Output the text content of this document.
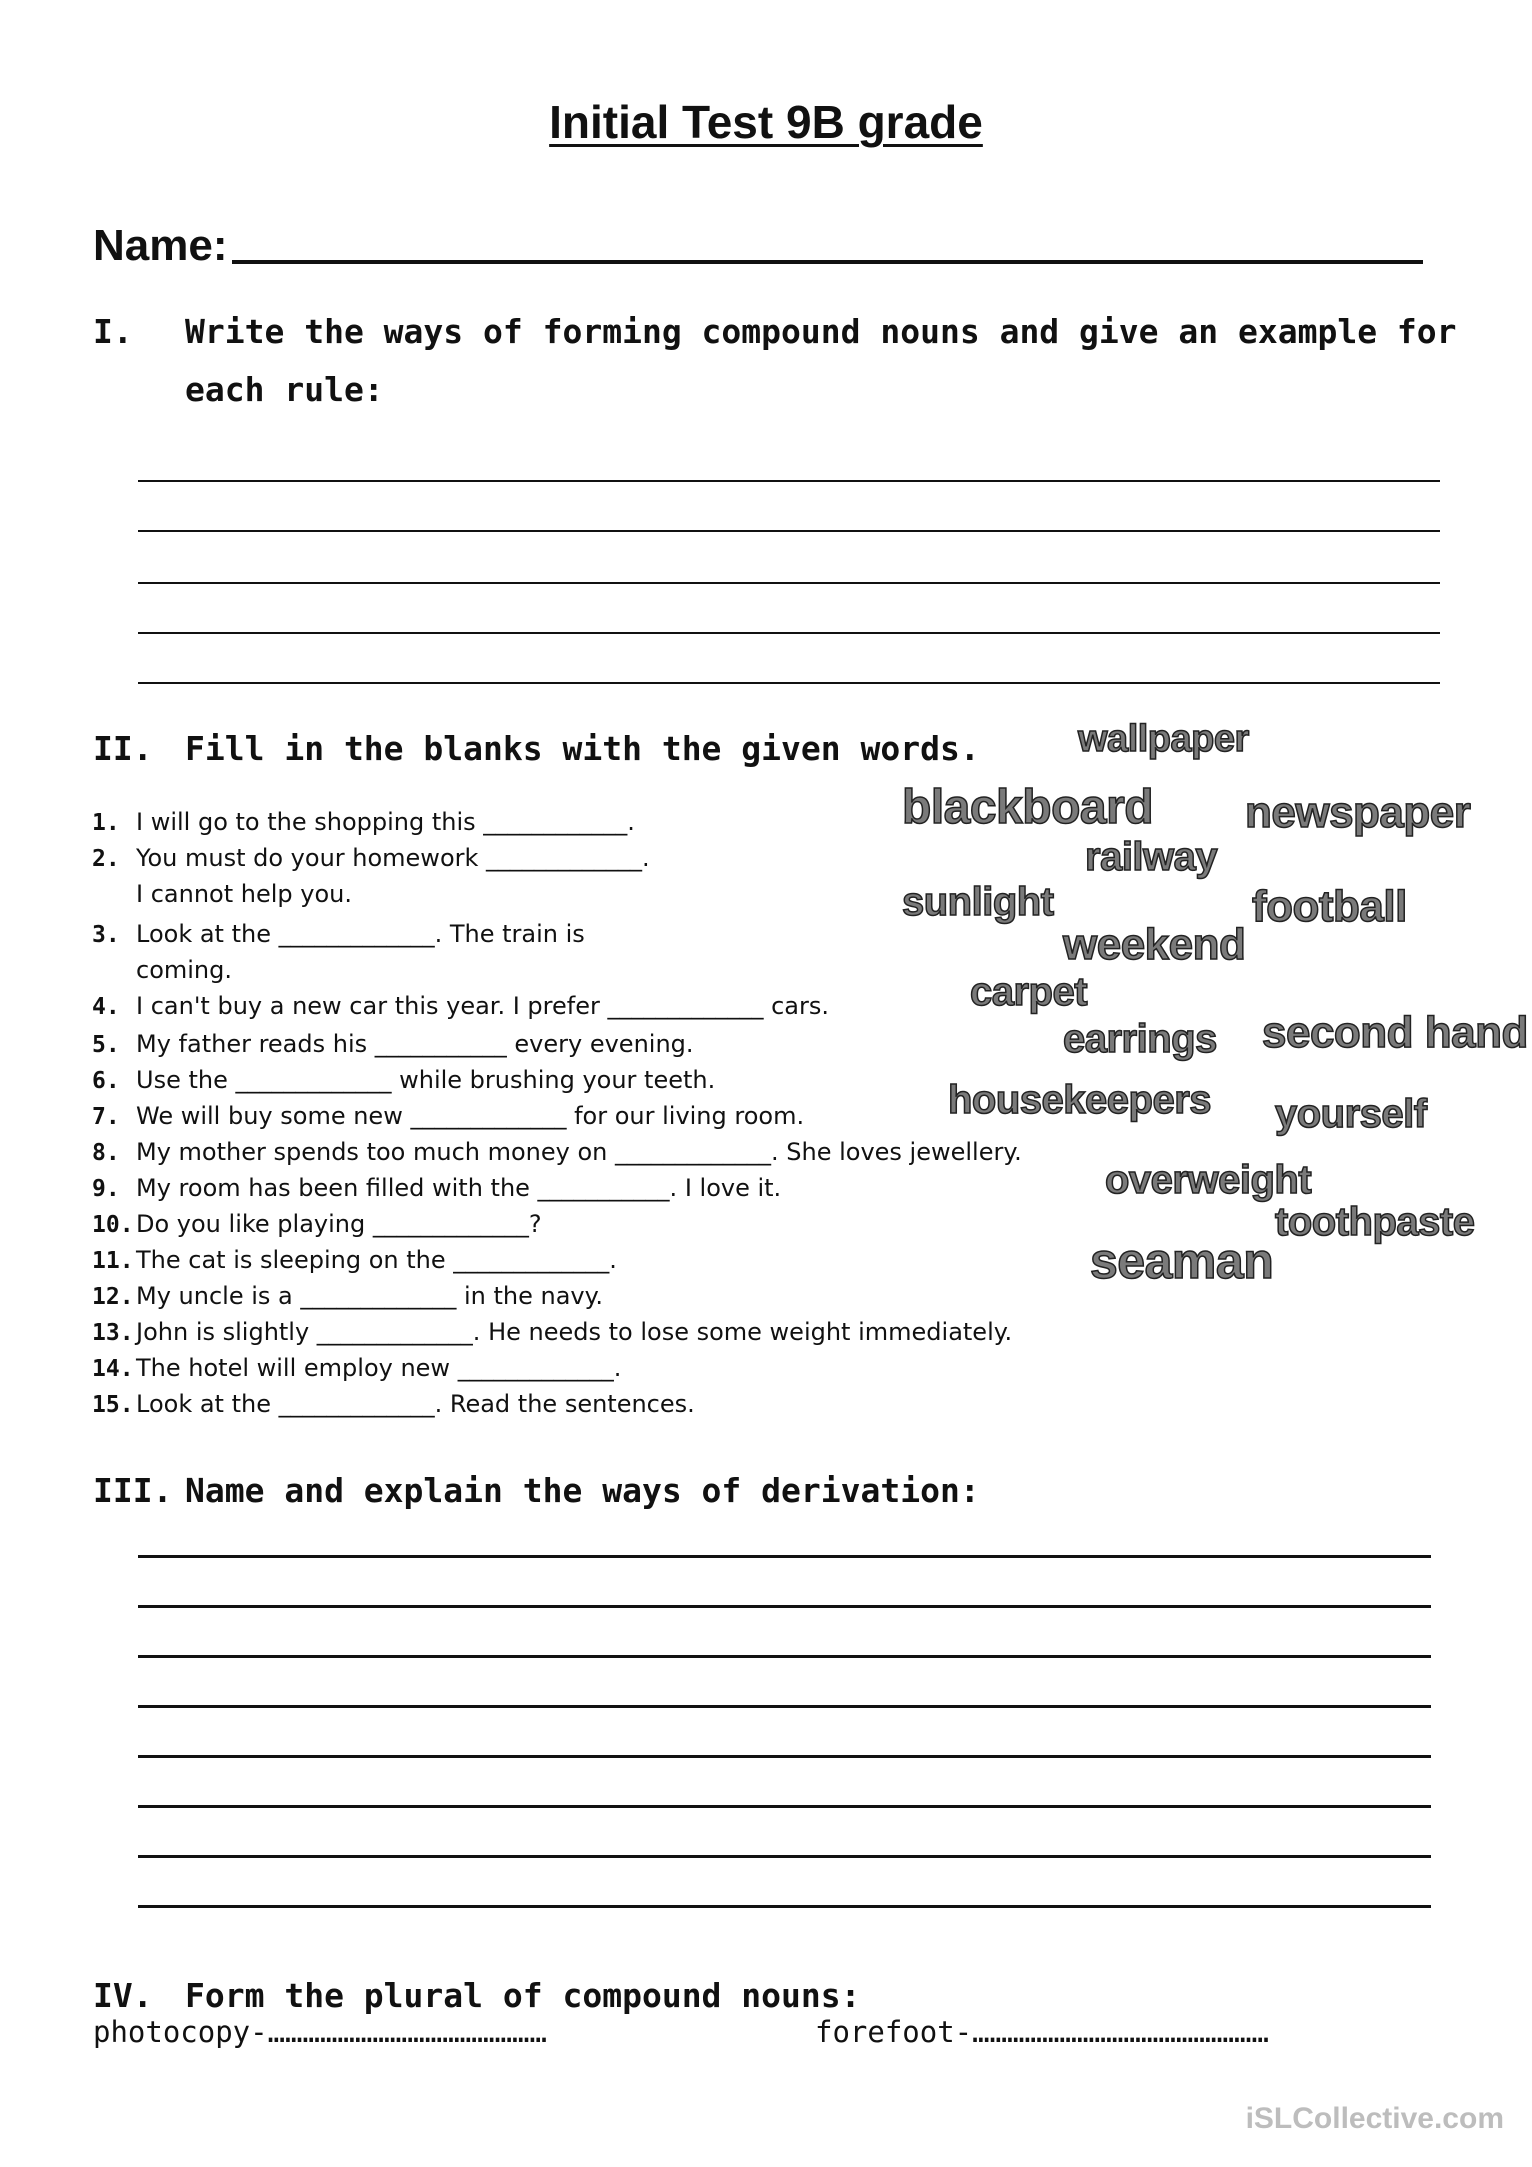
Initial Test 9B grade
Name:
I. Write the ways of forming compound nouns and give an example for
each rule:
II. Fill in the blanks with the given words.
1. I will go to the shopping this ____________.
2. You must do your homework _____________.
I cannot help you.
3. Look at the _____________. The train is
coming.
4. I can't buy a new car this year. I prefer _____________ cars.
5. My father reads his ___________ every evening.
6. Use the _____________ while brushing your teeth.
7. We will buy some new _____________ for our living room.
8. My mother spends too much money on _____________. She loves jewellery.
9. My room has been filled with the ___________. I love it.
10. Do you like playing _____________?
11. The cat is sleeping on the _____________.
12. My uncle is a _____________ in the navy.
13. John is slightly _____________. He needs to lose some weight immediately.
14. The hotel will employ new _____________.
15. Look at the _____________. Read the sentences.
wallpaper
blackboard newspaper
railway
sunlight	football
weekend
carpet
earrings second hand
housekeepers yourself
overweight
toothpaste
seaman
III. Name and explain the ways of derivation:
IV. Form the plural of compound nouns:
photocopy-…………………………………………	forefoot-……………………………………………
iSLCollective.com
